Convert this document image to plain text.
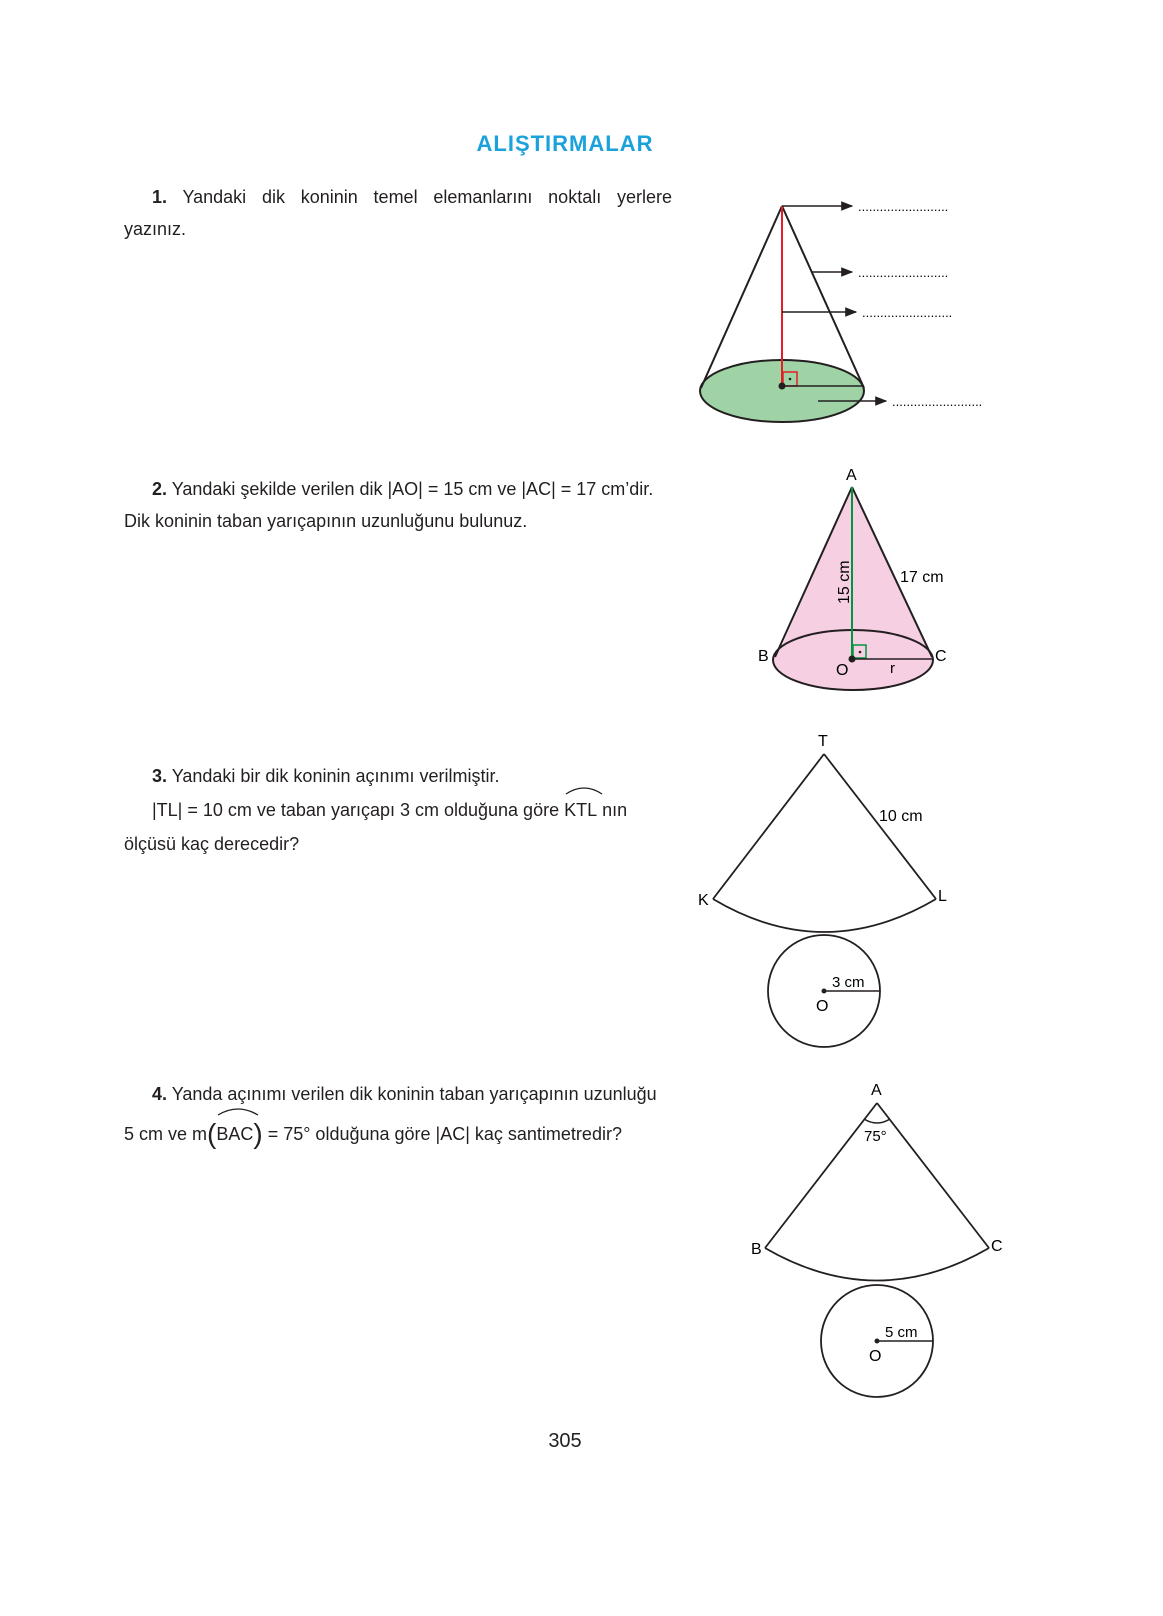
ALIŞTIRMALAR

1. Yandaki dik koninin temel elemanlarını noktalı yerlere

yazınız.

2. Yandaki şekilde verilen dik |AO| = 15 cm ve |AC| = 17 cm’dir.

Dik koninin taban yarıçapının uzunluğunu bulunuz.

3. Yandaki bir dik koninin açınımı verilmiştir.

|TL| = 10 cm ve taban yarıçapı 3 cm olduğuna göre KTL nın

ölçüsü kaç derecedir?

4. Yanda açınımı verilen dik koninin taban yarıçapının uzunluğu

5 cm ve m(
BAC) = 75° olduğuna göre |AC| kaç santimetredir?

305
.........................
.........................
.........................
.........................
A
B	C
O	r
17 cm
15 cm
T
K	L
10 cm
3 cm
O
A
B	C
75°
5 cm
O
